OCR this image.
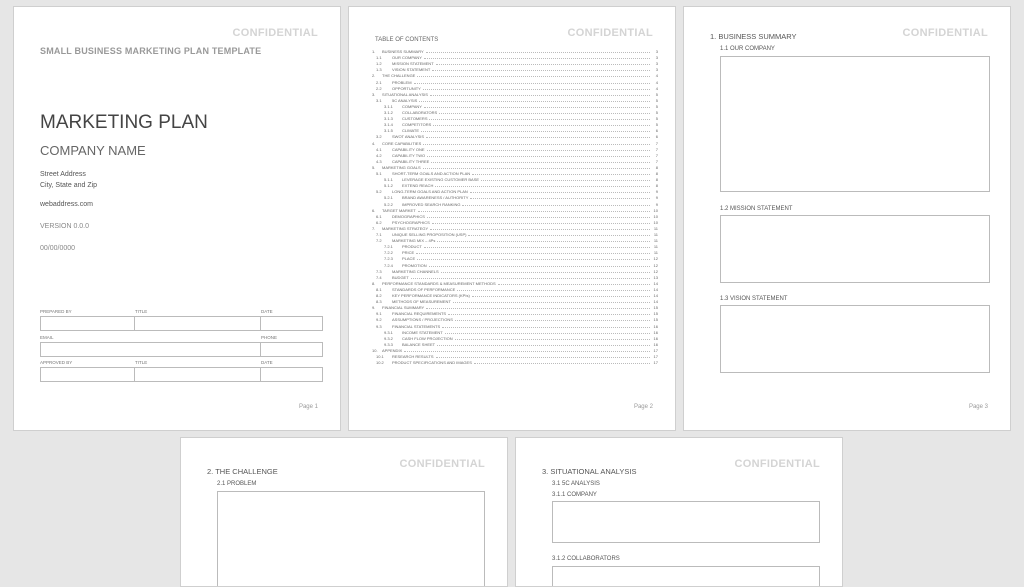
CONFIDENTIAL
SMALL BUSINESS MARKETING PLAN TEMPLATE
MARKETING PLAN
COMPANY NAME
Street Address
City, State and Zip
webaddress.com
VERSION 0.0.0
00/00/0000
PREPARED BY	TITLE	DATE
EMAIL	PHONE
APPROVED BY	TITLE	DATE
Page 1
CONFIDENTIAL
TABLE OF CONTENTS
1. BUSINESS SUMMARY	3
1.1	OUR COMPANY	3
1.2	MISSION STATEMENT	3
1.3	VISION STATEMENT	3
2. THE CHALLENGE	4
2.1	PROBLEM	4
2.2	OPPORTUNITY	4
3. SITUATIONAL ANALYSIS	5
3.1	5C ANALYSIS	5
3.1.1 COMPANY	5
3.1.2 COLLABORATORS	5
3.1.3 CUSTOMERS	5
3.1.4 COMPETITORS	5
3.1.5 CLIMATE	6
3.2	SWOT ANALYSIS	6
4. CORE CAPABILITIES	7
4.1	CAPABILITY ONE	7
4.2	CAPABILITY TWO	7
4.3	CAPABILITY THREE	7
5. MARKETING GOALS	8
5.1	SHORT-TERM GOALS AND ACTION PLAN	8
5.1.1 LEVERAGE EXISTING CUSTOMER BASE	8
5.1.2 EXTEND REACH	8
5.2	LONG-TERM GOALS AND ACTION PLAN	9
5.2.1 BRAND AWARENESS / AUTHORITY	9
5.2.2 IMPROVED SEARCH RANKING	9
6. TARGET MARKET	10
6.1	DEMOGRAPHICS	10
6.2	PSYCHOGRAPHICS	10
7. MARKETING STRATEGY	11
7.1	UNIQUE SELLING PROPOSITION (USP)	11
7.2	MARKETING MIX – 4Ps	11
7.2.1 PRODUCT	11
7.2.2 PRICE	11
7.2.3 PLACE	12
7.2.4 PROMOTION	12
7.3	MARKETING CHANNELS	12
7.4	BUDGET	13
8. PERFORMANCE STANDARDS & MEASUREMENT METHODS	14
8.1	STANDARDS OF PERFORMANCE	14
8.2	KEY PERFORMANCE INDICATORS (KPIs)	14
8.3	METHODS OF MEASUREMENT	14
9. FINANCIAL SUMMARY	15
9.1	FINANCIAL REQUIREMENTS	15
9.2	ASSUMPTIONS / PROJECTIONS	15
9.3	FINANCIAL STATEMENTS	16
9.3.1 INCOME STATEMENT	16
9.3.2 CASH FLOW PROJECTION	16
9.3.3 BALANCE SHEET	16
10. APPENDIX	17
10.1 RESEARCH RESULTS	17
10.2 PRODUCT SPECIFICATIONS AND IMAGES	17
Page 2
CONFIDENTIAL
1. BUSINESS SUMMARY
1.1 OUR COMPANY
1.2 MISSION STATEMENT
1.3 VISION STATEMENT
Page 3
CONFIDENTIAL
2. THE CHALLENGE
2.1 PROBLEM
CONFIDENTIAL
3. SITUATIONAL ANALYSIS
3.1 5C ANALYSIS
3.1.1 COMPANY
3.1.2 COLLABORATORS
